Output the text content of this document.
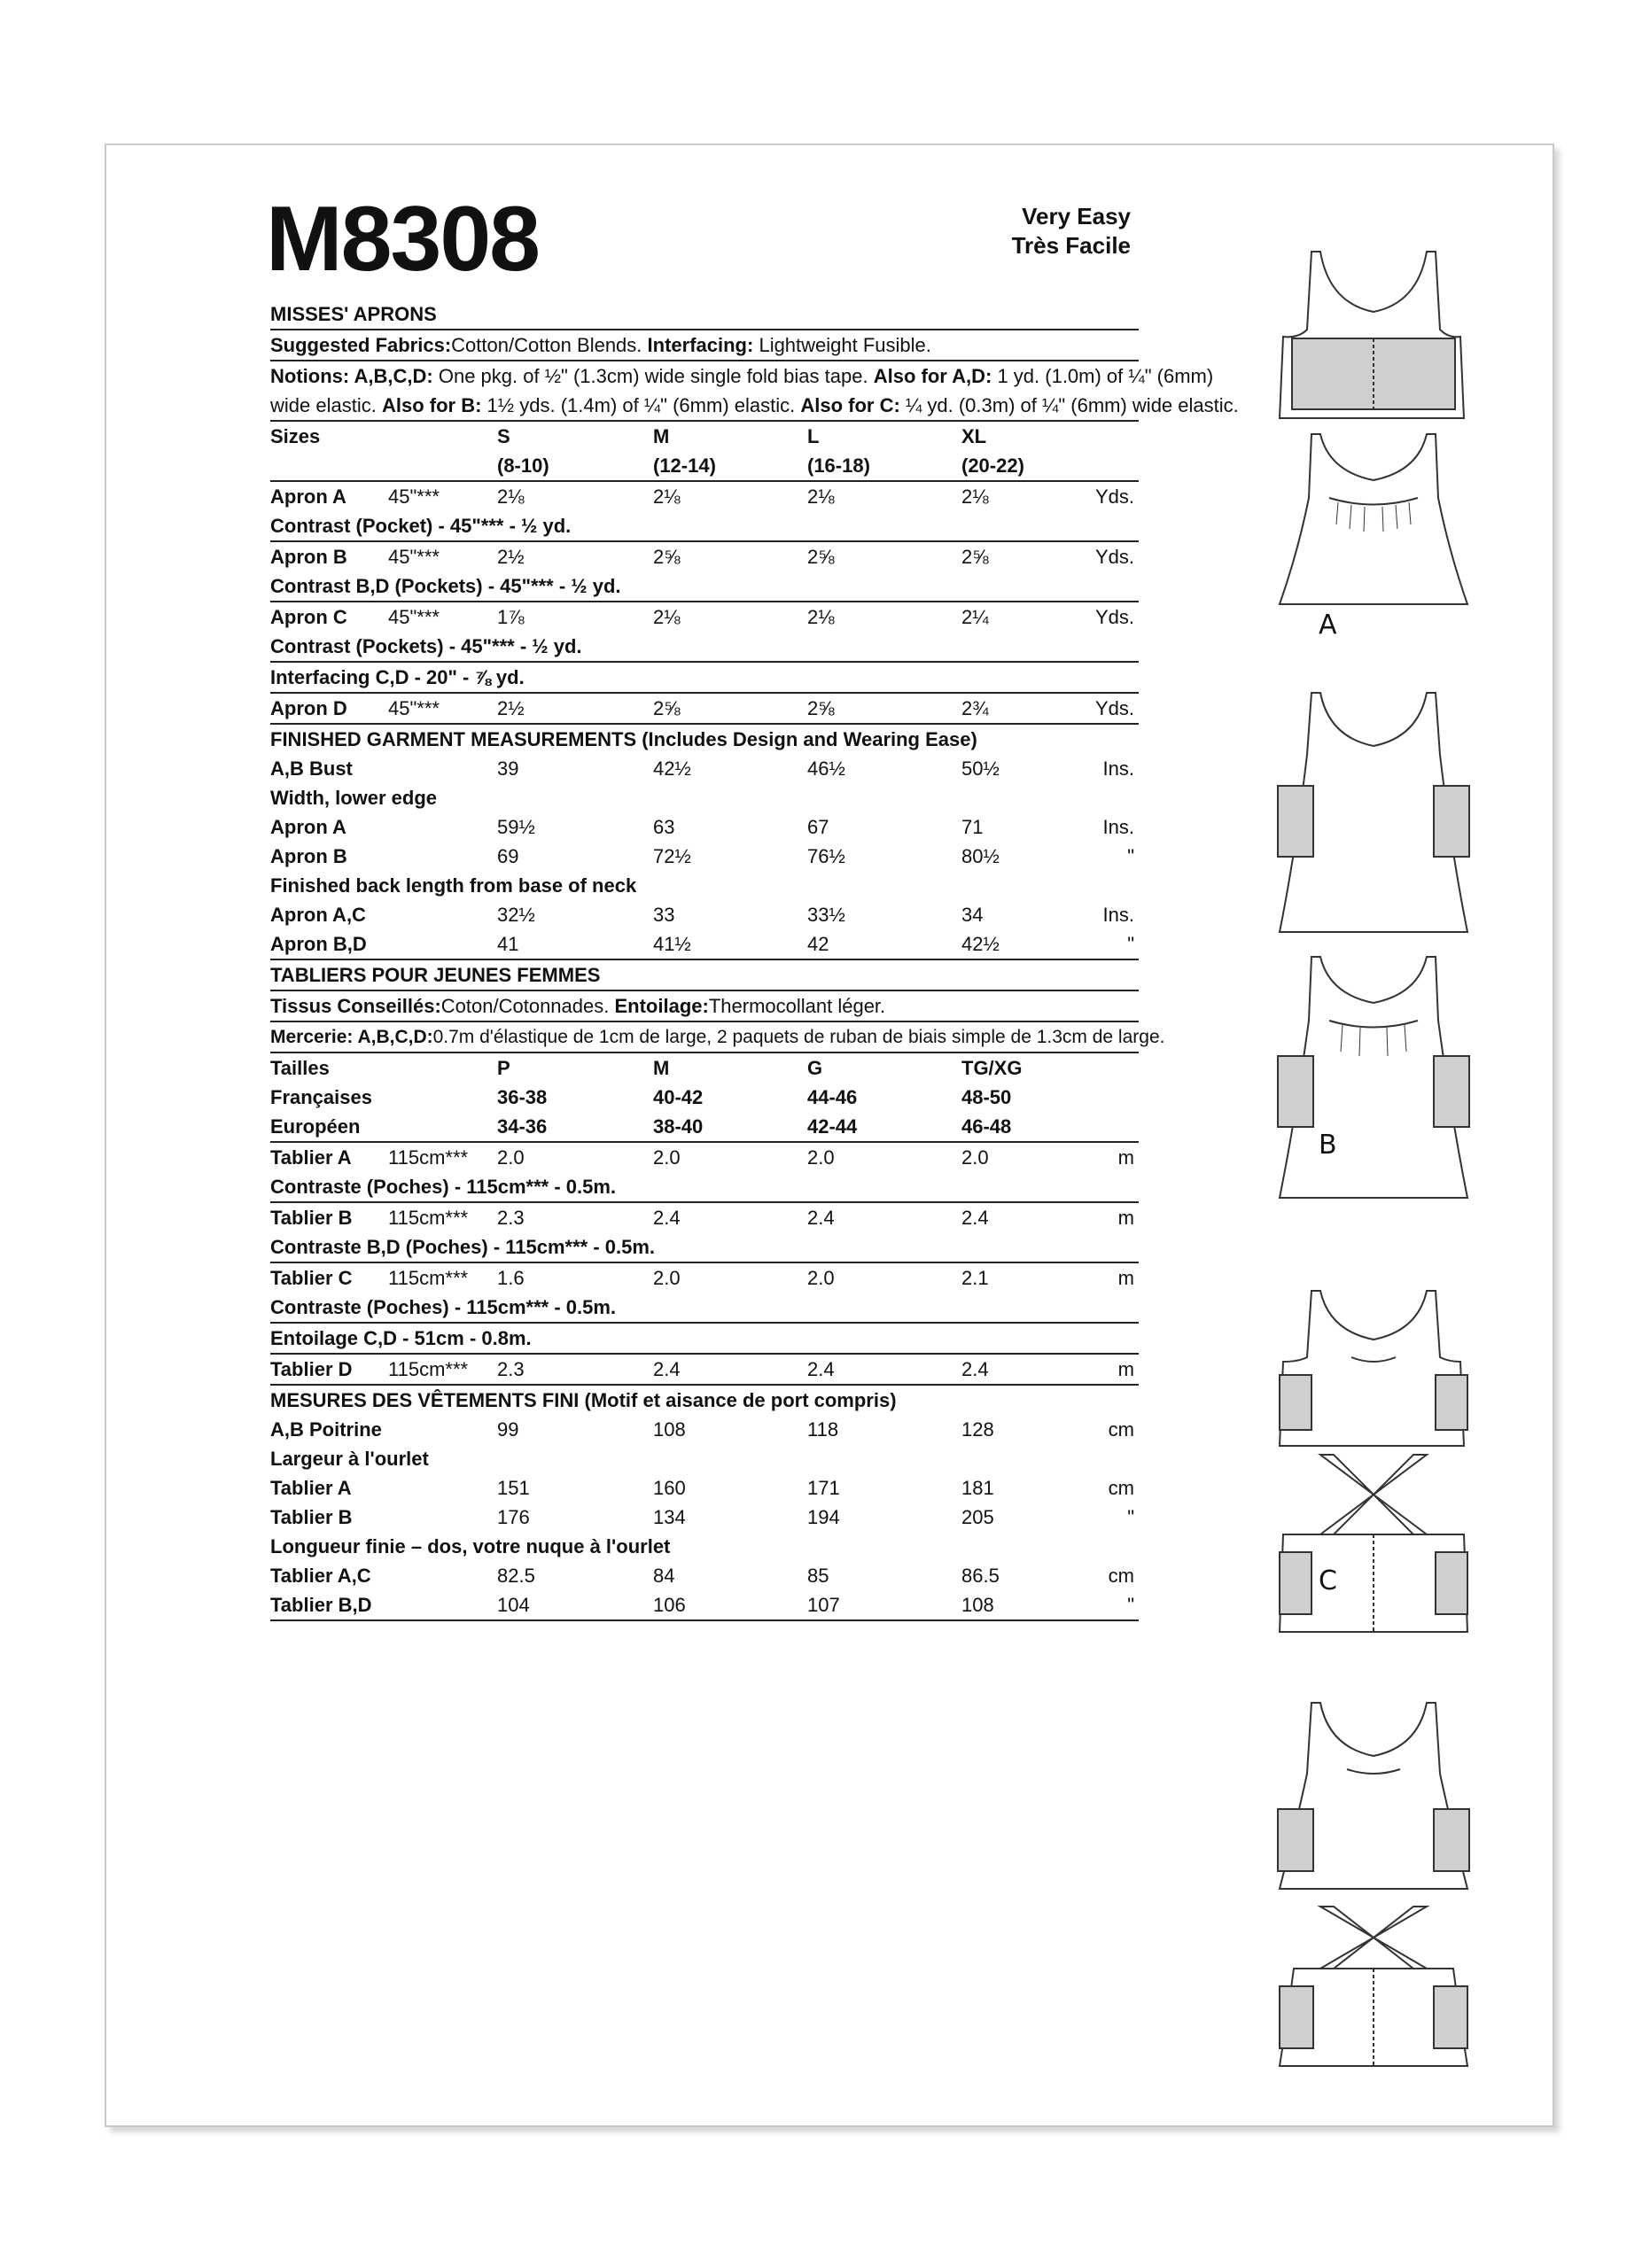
M8308	Very Easy
Très Facile
MISSES' APRONS
Suggested Fabrics:Cotton/Cotton Blends. Interfacing: Lightweight Fusible.
Notions: A,B,C,D: One pkg. of ½" (1.3cm) wide single fold bias tape. Also for A,D: 1 yd. (1.0m) of ¼" (6mm)
wide elastic. Also for B: 1½ yds. (1.4m) of ¼" (6mm) elastic. Also for C: ¼ yd. (0.3m) of ¼" (6mm) wide elastic.
Sizes	S	M	L	XL
(8-10)	(12-14)	(16-18)	(20-22)
Apron A 45"***	2⅛	2⅛	2⅛	2⅛	Yds.
Contrast (Pocket) - 45"*** - ½ yd.
Apron B 45"***	2½	2⅝	2⅝	2⅝	Yds.
Contrast B,D (Pockets) - 45"*** - ½ yd.
Apron C 45"***	1⅞	2⅛	2⅛	2¼	Yds.
Contrast (Pockets) - 45"*** - ½ yd.
Interfacing C,D - 20" - ⅞ yd.
Apron D 45"***	2½	2⅝	2⅝	2¾	Yds.
FINISHED GARMENT MEASUREMENTS (Includes Design and Wearing Ease)
A,B Bust	39	42½	46½	50½	Ins.
Width, lower edge
Apron A	59½	63	67	71	Ins.
Apron B	69	72½	76½	80½	"
Finished back length from base of neck
Apron A,C	32½	33	33½	34	Ins.
Apron B,D	41	41½	42	42½	"
TABLIERS POUR JEUNES FEMMES
Tissus Conseillés:Coton/Cotonnades. Entoilage:Thermocollant léger.
Mercerie: A,B,C,D:0.7m d'élastique de 1cm de large, 2 paquets de ruban de biais simple de 1.3cm de large.
Tailles	P	M	G	TG/XG
Françaises	36-38	40-42	44-46	48-50
Européen	34-36	38-40	42-44	46-48
Tablier A 115cm*** 2.0	2.0	2.0	2.0	m
Contraste (Poches) - 115cm*** - 0.5m.
Tablier B 115cm*** 2.3	2.4	2.4	2.4	m
Contraste B,D (Poches) - 115cm*** - 0.5m.
Tablier C 115cm*** 1.6	2.0	2.0	2.1	m
Contraste (Poches) - 115cm*** - 0.5m.
Entoilage C,D - 51cm - 0.8m.
Tablier D 115cm*** 2.3	2.4	2.4	2.4	m
MESURES DES VÊTEMENTS FINI (Motif et aisance de port compris)
A,B Poitrine	99	108	118	128	cm
Largeur à l'ourlet
Tablier A	151	160	171	181	cm
Tablier B	176	134	194	205	"
Longueur finie – dos, votre nuque à l'ourlet
Tablier A,C	82.5	84	85	86.5	cm
Tablier B,D	104	106	107	108	"
A
B
C
